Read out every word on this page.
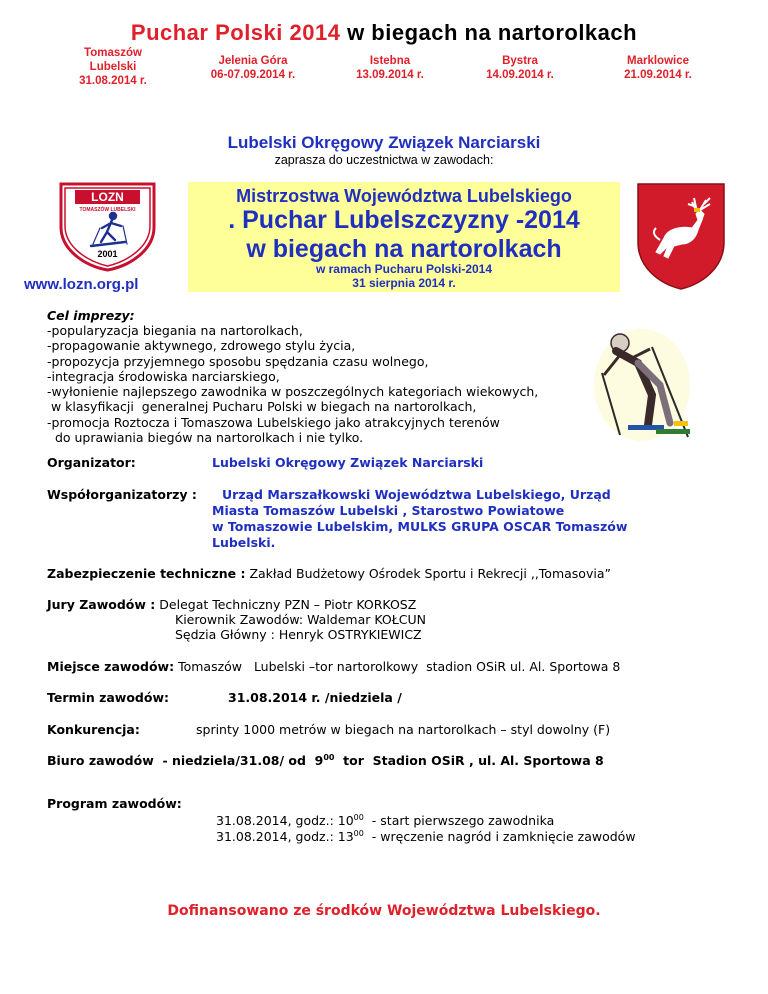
Puchar Polski 2014 w biegach na nartorolkach
Tomaszów
Lubelski
31.08.2014 r.
Jelenia Góra
06-07.09.2014 r.
Istebna
13.09.2014 r.
Bystra
14.09.2014 r.
Marklowice
21.09.2014 r.
Lubelski Okręgowy Związek Narciarski
zaprasza do uczestnictwa w zawodach:
LOZN
TOMASZÓW LUBELSKI
2001
www.lozn.org.pl
Mistrzostwa Województwa Lubelskiego
. Puchar Lubelszczyzny -2014
w biegach na nartorolkach
w ramach Pucharu Polski-2014
31 sierpnia 2014 r.
Cel imprezy:
-popularyzacja biegania na nartorolkach,
-propagowanie aktywnego, zdrowego stylu życia,
-propozycja przyjemnego sposobu spędzania czasu wolnego,
-integracja środowiska narciarskiego,
-wyłonienie najlepszego zawodnika w poszczególnych kategoriach wiekowych,
w klasyfikacji  generalnej Pucharu Polski w biegach na nartorolkach,
-promocja Roztocza i Tomaszowa Lubelskiego jako atrakcyjnych terenów
do uprawiania biegów na nartorolkach i nie tylko.
Organizator:	Lubelski Okręgowy Związek Narciarski
Współorganizatorzy : Urząd Marszałkowski Województwa Lubelskiego, Urząd
Miasta Tomaszów Lubelski , Starostwo Powiatowe
w Tomaszowie Lubelskim, MULKS GRUPA OSCAR Tomaszów
Lubelski.
Zabezpieczenie techniczne : Zakład Budżetowy Ośrodek Sportu i Rekrecji ,,Tomasovia”
Jury Zawodów : Delegat Techniczny PZN – Piotr KORKOSZ
Kierownik Zawodów: Waldemar KOŁCUN
Sędzia Główny : Henryk OSTRYKIEWICZ
Miejsce zawodów: Tomaszów   Lubelski –tor nartorolkowy  stadion OSiR ul. Al. Sportowa 8
Termin zawodów:	31.08.2014 r. /niedziela /
Konkurencja:	sprinty 1000 metrów w biegach na nartorolkach – styl dowolny (F)
Biuro zawodów  - niedziela/31.08/ od  $9^{00}$  tor  Stadion OSiR , ul. Al. Sportowa 8
Program zawodów:
31.08.2014, godz.: $10^{00}$  - start pierwszego zawodnika
31.08.2014, godz.: $13^{00}$  - wręczenie nagród i zamknięcie zawodów
Dofinansowano ze środków Województwa Lubelskiego.
